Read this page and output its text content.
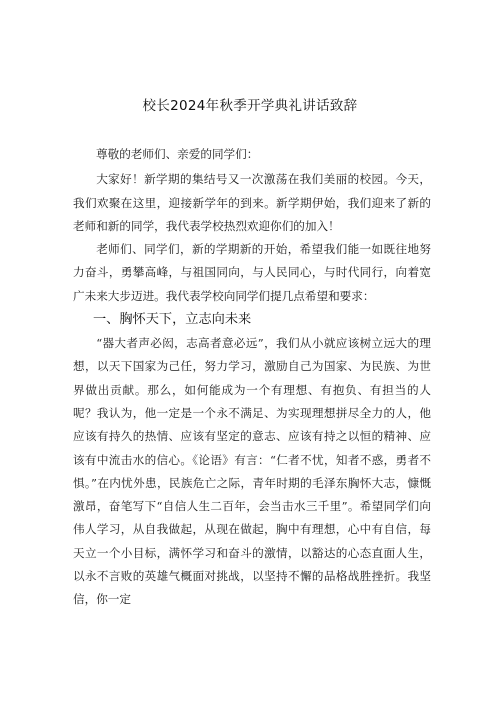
校长2024年秋季开学典礼讲话致辞

尊敬的老师们、亲爱的同学们：

大家好！新学期的集结号又一次激荡在我们美丽的校园。今天，我们欢聚在这里，迎接新学年的到来。新学期伊始，我们迎来了新的老师和新的同学，我代表学校热烈欢迎你们的加入！

老师们、同学们，新的学期新的开始，希望我们能一如既往地努力奋斗，勇攀高峰，与祖国同向，与人民同心，与时代同行，向着宽广未来大步迈进。我代表学校向同学们提几点希望和要求：

一、胸怀天下，立志向未来

“器大者声必闳，志高者意必远”，我们从小就应该树立远大的理想，以天下国家为己任，努力学习，激励自己为国家、为民族、为世界做出贡献。那么，如何能成为一个有理想、有抱负、有担当的人呢？我认为，他一定是一个永不满足、为实现理想拼尽全力的人，他应该有持久的热情、应该有坚定的意志、应该有持之以恒的精神、应该有中流击水的信心。《论语》有言：“仁者不忧，知者不惑，勇者不惧。”在内忧外患，民族危亡之际，青年时期的毛泽东胸怀大志，慷慨激昂，奋笔写下“自信人生二百年，会当击水三千里”。希望同学们向伟人学习，从自我做起，从现在做起，胸中有理想，心中有自信，每天立一个小目标，满怀学习和奋斗的激情，以豁达的心态直面人生，以永不言败的英雄气概面对挑战，以坚持不懈的品格战胜挫折。我坚信，你一定
